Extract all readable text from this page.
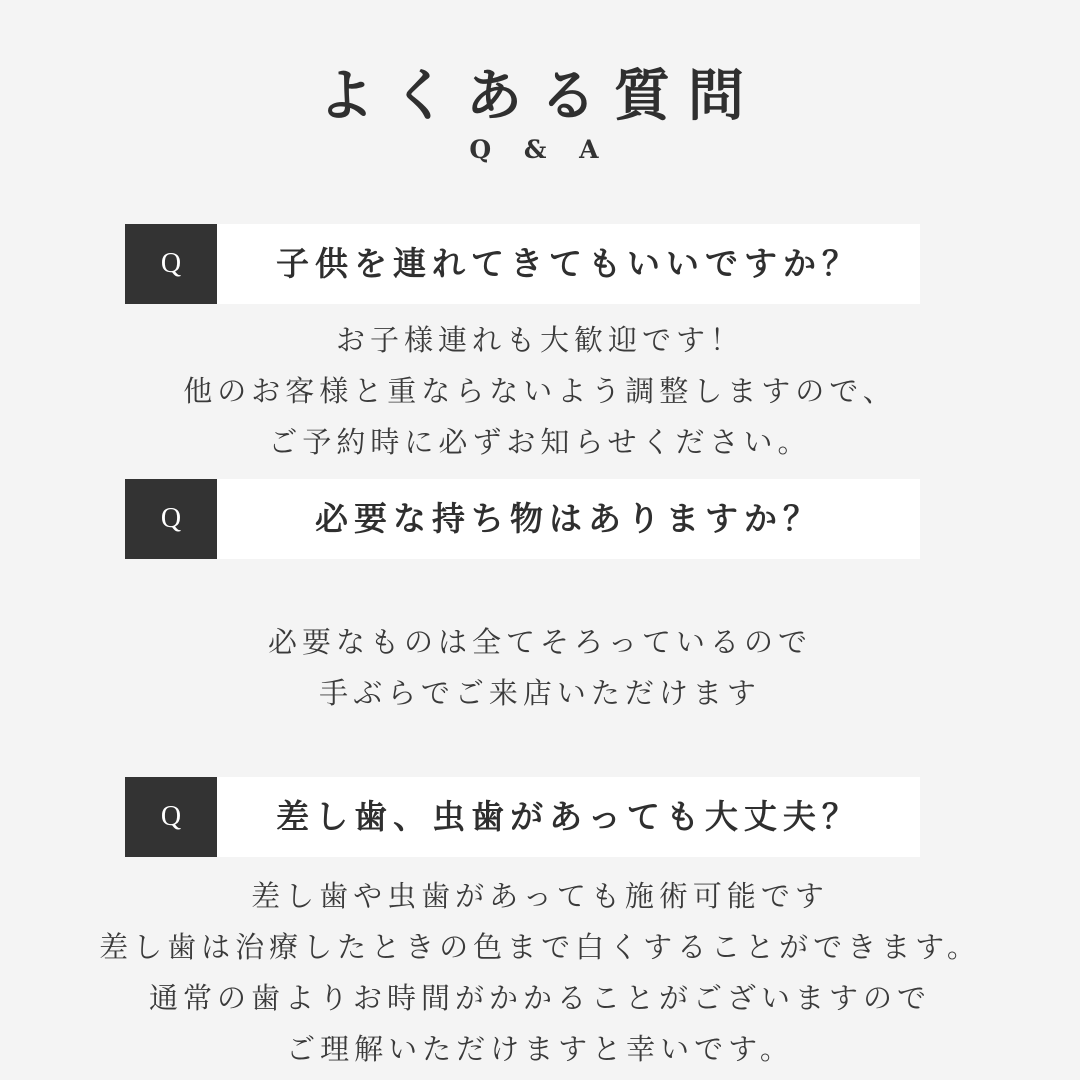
よくある質問
Q & A
Q	子供を連れてきてもいいですか？
お子様連れも大歓迎です！
他のお客様と重ならないよう調整しますので、
ご予約時に必ずお知らせください。
Q	必要な持ち物はありますか？
必要なものは全てそろっているので
手ぶらでご来店いただけます
Q	差し歯、虫歯があっても大丈夫？
差し歯や虫歯があっても施術可能です
差し歯は治療したときの色まで白くすることができます。
通常の歯よりお時間がかかることがございますので
ご理解いただけますと幸いです。
